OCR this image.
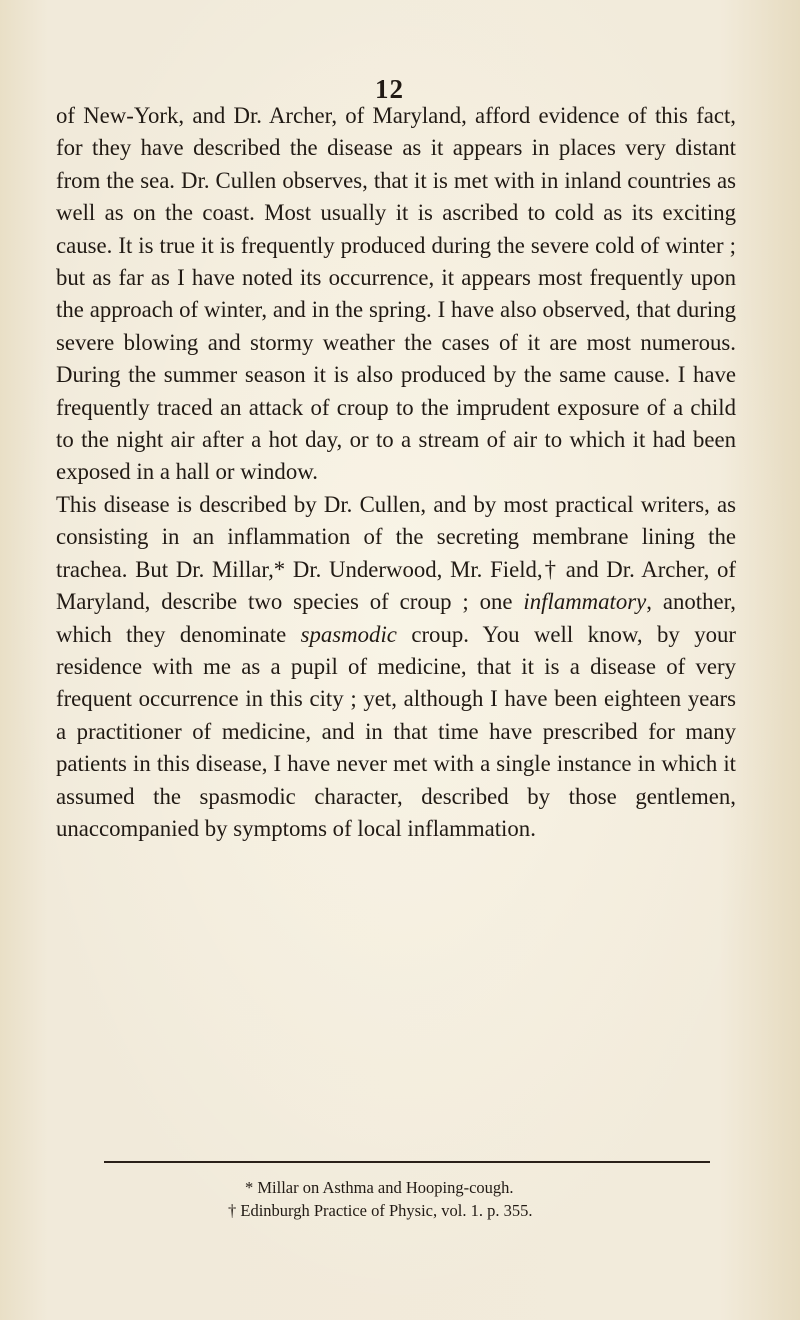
12

of New-York, and Dr. Archer, of Maryland, afford evidence of this fact, for they have described the disease as it appears in places very distant from the sea. Dr. Cullen observes, that it is met with in inland countries as well as on the coast. Most usually it is ascribed to cold as its exciting cause. It is true it is frequently produced during the severe cold of winter ; but as far as I have noted its occurrence, it appears most frequently upon the approach of winter, and in the spring. I have also observed, that during severe blowing and stormy weather the cases of it are most numerous. During the summer season it is also produced by the same cause. I have frequently traced an attack of croup to the imprudent exposure of a child to the night air after a hot day, or to a stream of air to which it had been exposed in a hall or window.

This disease is described by Dr. Cullen, and by most practical writers, as consisting in an inflammation of the secreting membrane lining the trachea. But Dr. Millar,* Dr. Underwood, Mr. Field,† and Dr. Archer, of Maryland, describe two species of croup ; one inflammatory, another, which they denominate spasmodic croup. You well know, by your residence with me as a pupil of medicine, that it is a disease of very frequent occurrence in this city ; yet, although I have been eighteen years a practitioner of medicine, and in that time have prescribed for many patients in this disease, I have never met with a single instance in which it assumed the spasmodic character, described by those gentlemen, unaccompanied by symptoms of local inflammation.

* Millar on Asthma and Hooping-cough.
† Edinburgh Practice of Physic, vol. 1. p. 355.
